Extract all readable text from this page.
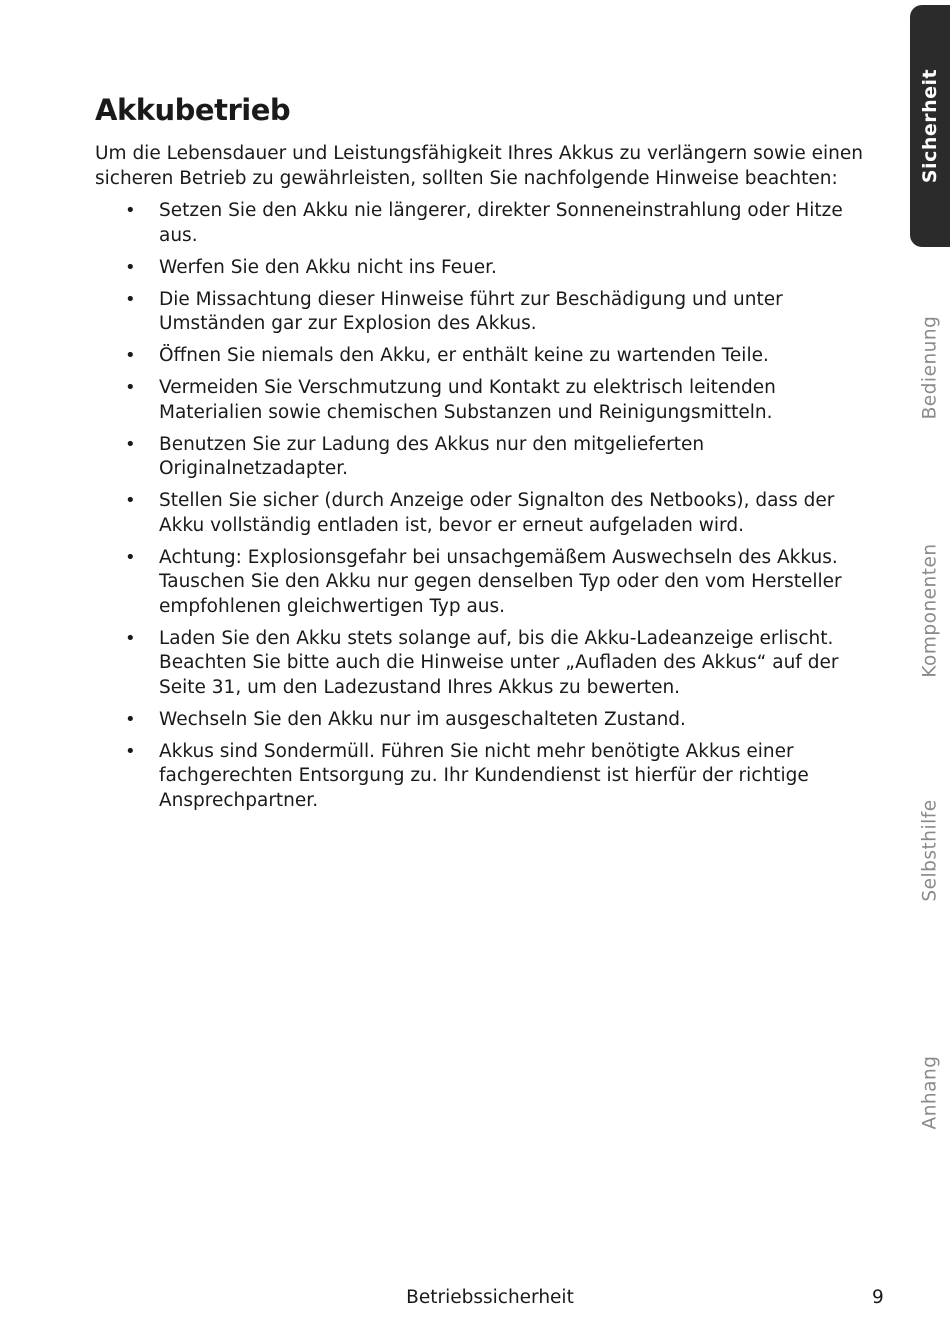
Akkubetrieb

Um die Lebensdauer und Leistungsfähigkeit Ihres Akkus zu verlängern sowie einen sicheren Betrieb zu gewährleisten, sollten Sie nachfolgende Hinweise beachten:

• Setzen Sie den Akku nie längerer, direkter Sonneneinstrahlung oder Hitze aus.
• Werfen Sie den Akku nicht ins Feuer.
• Die Missachtung dieser Hinweise führt zur Beschädigung und unter Umständen gar zur Explosion des Akkus.
• Öffnen Sie niemals den Akku, er enthält keine zu wartenden Teile.
• Vermeiden Sie Verschmutzung und Kontakt zu elektrisch leitenden Materialien sowie chemischen Substanzen und Reinigungsmitteln.
• Benutzen Sie zur Ladung des Akkus nur den mitgelieferten Originalnetzadapter.
• Stellen Sie sicher (durch Anzeige oder Signalton des Netbooks), dass der Akku vollständig entladen ist, bevor er erneut aufgeladen wird.
• Achtung: Explosionsgefahr bei unsachgemäßem Auswechseln des Akkus. Tauschen Sie den Akku nur gegen denselben Typ oder den vom Hersteller empfohlenen gleichwertigen Typ aus.
• Laden Sie den Akku stets solange auf, bis die Akku-Ladeanzeige erlischt. Beachten Sie bitte auch die Hinweise unter „Aufladen des Akkus“ auf der Seite 31, um den Ladezustand Ihres Akkus zu bewerten.
• Wechseln Sie den Akku nur im ausgeschalteten Zustand.
• Akkus sind Sondermüll. Führen Sie nicht mehr benötigte Akkus einer fachgerechten Entsorgung zu. Ihr Kundendienst ist hierfür der richtige Ansprechpartner.
Sicherheit
Bedienung
Komponenten
Selbsthilfe
Anhang
Betriebssicherheit	9
